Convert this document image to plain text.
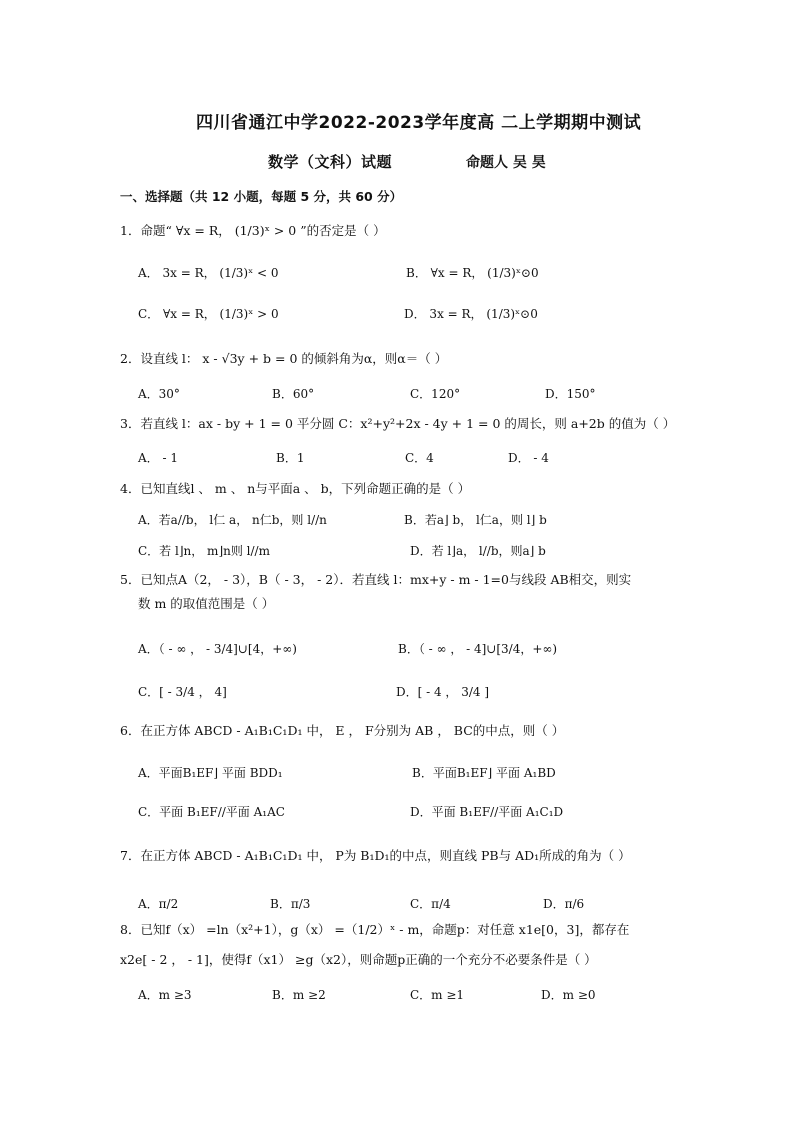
四川省通江中学2022-2023学年度高 二上学期期中测试
数学（文科）试题	命题人 吴 昊
一、选择题（共 12 小题，每题 5 分，共 60 分）
1．命题“ ∀x = R， (1/3)ˣ > 0 ”的否定是（ ）
A． 3x = R， (1/3)ˣ < 0	B． ∀x = R， (1/3)ˣ⊙0
C． ∀x = R， (1/3)ˣ > 0	D． 3x = R， (1/3)ˣ⊙0
2．设直线 l： x - √3y + b = 0 的倾斜角为α，则α＝（ ）
A．30°	B．60°	C．120°	D．150°
3．若直线 l：ax - by + 1 = 0 平分圆 C：x²+y²+2x - 4y + 1 = 0 的周长，则 a+2b 的值为（ ）
A． - 1	B．1	C．4	D． - 4
4．已知直线l 、 m 、 n与平面a 、 b，下列命题正确的是（ ）
A．若a//b， l仁 a， n仁b，则 l//n	B．若a⌋ b， l仁a，则 l⌋ b
C．若 l⌋n， m⌋n则 l//m	D．若 l⌋a， l//b，则a⌋ b
5．已知点A（2， - 3），B（ - 3， - 2）．若直线 l：mx+y - m - 1=0与线段 AB相交，则实
数 m 的取值范围是（ ）
A．（ - ∞ ， - 3/4]∪[4，+∞)	B．（ - ∞ ， - 4]∪[3/4，+∞)
C．[ - 3/4 ， 4]	D．[ - 4 ， 3/4 ]
6．在正方体 ABCD - A₁B₁C₁D₁ 中， E ， F分别为 AB ， BC的中点，则（ ）
A．平面B₁EF⌋ 平面 BDD₁	B．平面B₁EF⌋ 平面 A₁BD
C．平面 B₁EF//平面 A₁AC	D．平面 B₁EF//平面 A₁C₁D
7．在正方体 ABCD - A₁B₁C₁D₁ 中， P为 B₁D₁的中点，则直线 PB与 AD₁所成的角为（ ）
A．π/2	B．π/3	C．π/4	D．π/6
8．已知f（x） =ln（x²+1），g（x） =（1/2）ˣ - m，命题p：对任意 x1e[0，3]，都存在
x2e[ - 2 ， - 1]，使得f（x1） ≥g（x2），则命题p正确的一个充分不必要条件是（ ）
A．m ≥3	B．m ≥2	C．m ≥1	D．m ≥0
